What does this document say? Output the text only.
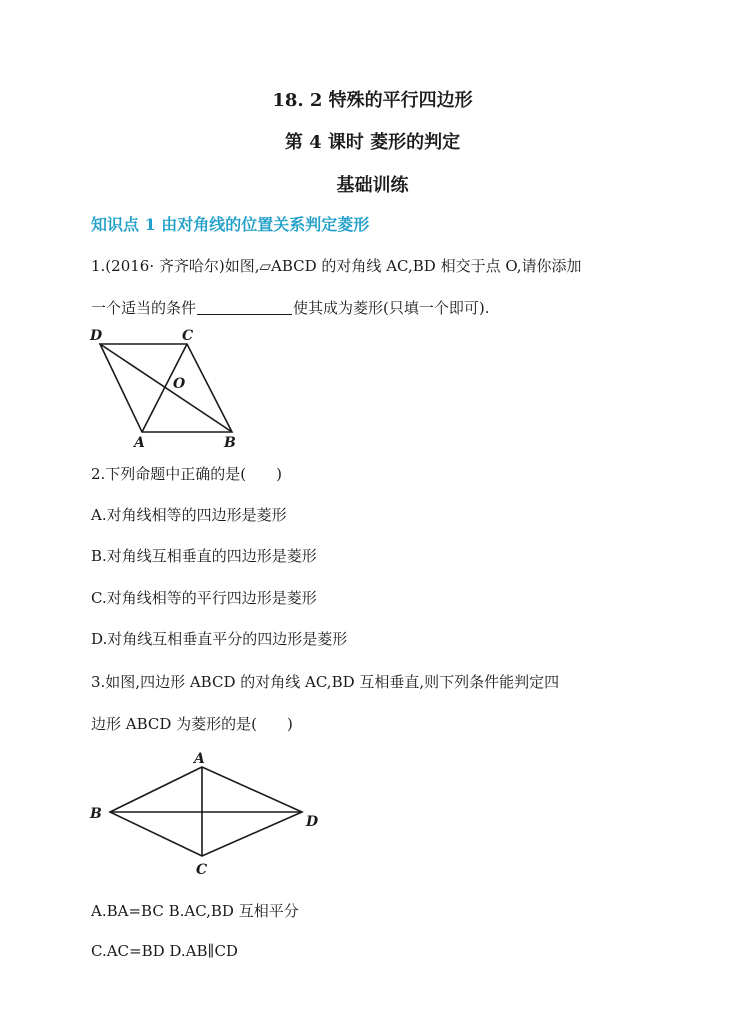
18. 2 特殊的平行四边形
第 4 课时 菱形的判定
基础训练
知识点 1 由对角线的位置关系判定菱形
1.(2016· 齐齐哈尔)如图,▱ABCD 的对角线 AC,BD 相交于点 O,请你添加
一个适当的条件	使其成为菱形(只填一个即可).
D	C
O
A	B
2.下列命题中正确的是(　　)
A.对角线相等的四边形是菱形
B.对角线互相垂直的四边形是菱形
C.对角线相等的平行四边形是菱形
D.对角线互相垂直平分的四边形是菱形
3.如图,四边形 ABCD 的对角线 AC,BD 互相垂直,则下列条件能判定四
边形 ABCD 为菱形的是(　　)
A
B
C
D
A.BA=BC B.AC,BD 互相平分
C.AC=BD D.AB∥CD
